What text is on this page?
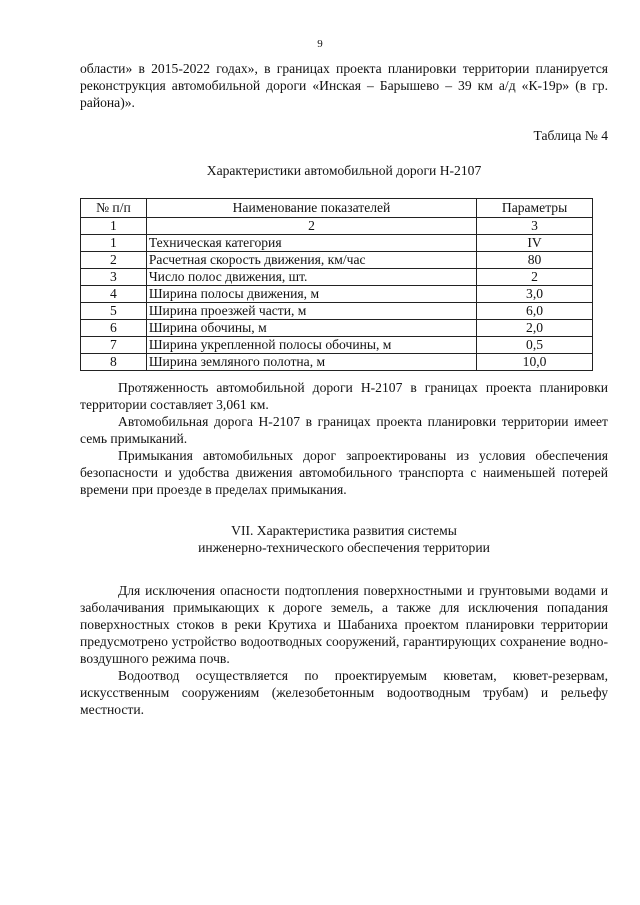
9

области» в 2015-2022 годах», в границах проекта планировки территории планируется реконструкция автомобильной дороги «Инская – Барышево – 39 км а/д «К-19р» (в гр. района)».

Таблица № 4

Характеристики автомобильной дороги Н-2107

№ п/п	Наименование показателей	Параметры
1	2	3
1	Техническая категория	IV
2	Расчетная скорость движения, км/час	80
3	Число полос движения, шт.	2
4	Ширина полосы движения, м	3,0
5	Ширина проезжей части, м	6,0
6	Ширина обочины, м	2,0
7	Ширина укрепленной полосы обочины, м	0,5
8	Ширина земляного полотна, м	10,0

Протяженность автомобильной дороги Н-2107 в границах проекта планировки территории составляет 3,061 км.

Автомобильная дорога Н-2107 в границах проекта планировки территории имеет семь примыканий.

Примыкания автомобильных дорог запроектированы из условия обеспечения безопасности и удобства движения автомобильного транспорта с наименьшей потерей времени при проезде в пределах примыкания.

VII. Характеристика развития системы
инженерно-технического обеспечения территории

Для исключения опасности подтопления поверхностными и грунтовыми водами и заболачивания примыкающих к дороге земель, а также для исключения попадания поверхностных стоков в реки Крутиха и Шабаниха проектом планировки территории предусмотрено устройство водоотводных сооружений, гарантирующих сохранение водно-воздушного режима почв.

Водоотвод осуществляется по проектируемым кюветам, кювет-резервам, искусственным сооружениям (железобетонным водоотводным трубам) и рельефу местности.
